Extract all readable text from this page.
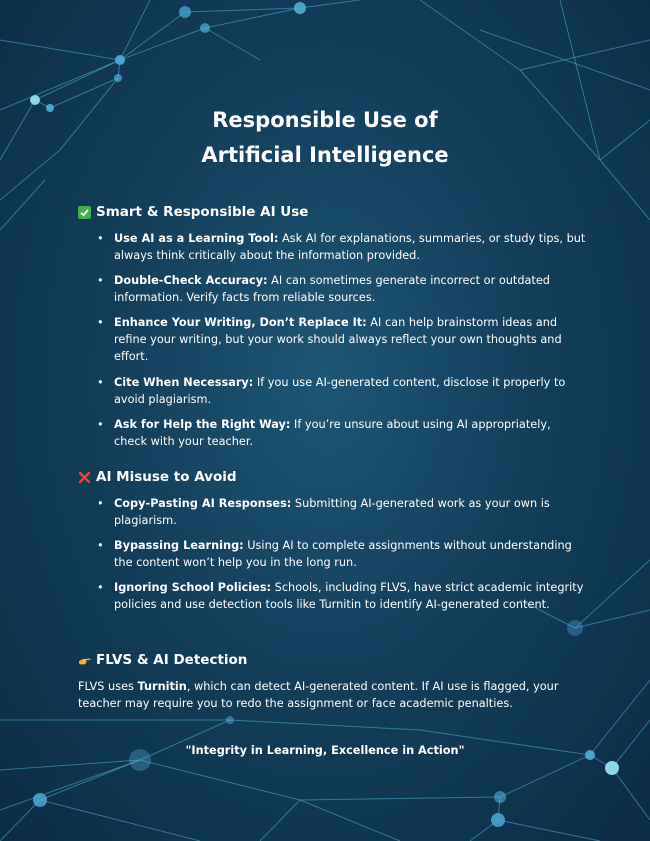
Responsible Use of
Artificial Intelligence
Smart & Responsible AI Use
• Use AI as a Learning Tool: Ask AI for explanations, summaries, or study tips, but always think critically about the information provided.
• Double-Check Accuracy: AI can sometimes generate incorrect or outdated information. Verify facts from reliable sources.
• Enhance Your Writing, Don’t Replace It: AI can help brainstorm ideas and refine your writing, but your work should always reflect your own thoughts and effort.
• Cite When Necessary: If you use AI-generated content, disclose it properly to avoid plagiarism.
• Ask for Help the Right Way: If you’re unsure about using AI appropriately, check with your teacher.
AI Misuse to Avoid
• Copy-Pasting AI Responses: Submitting AI-generated work as your own is plagiarism.
• Bypassing Learning: Using AI to complete assignments without understanding the content won’t help you in the long run.
• Ignoring School Policies: Schools, including FLVS, have strict academic integrity policies and use detection tools like Turnitin to identify AI-generated content.
FLVS & AI Detection
FLVS uses Turnitin, which can detect AI-generated content. If AI use is flagged, your teacher may require you to redo the assignment or face academic penalties.
"Integrity in Learning, Excellence in Action"
